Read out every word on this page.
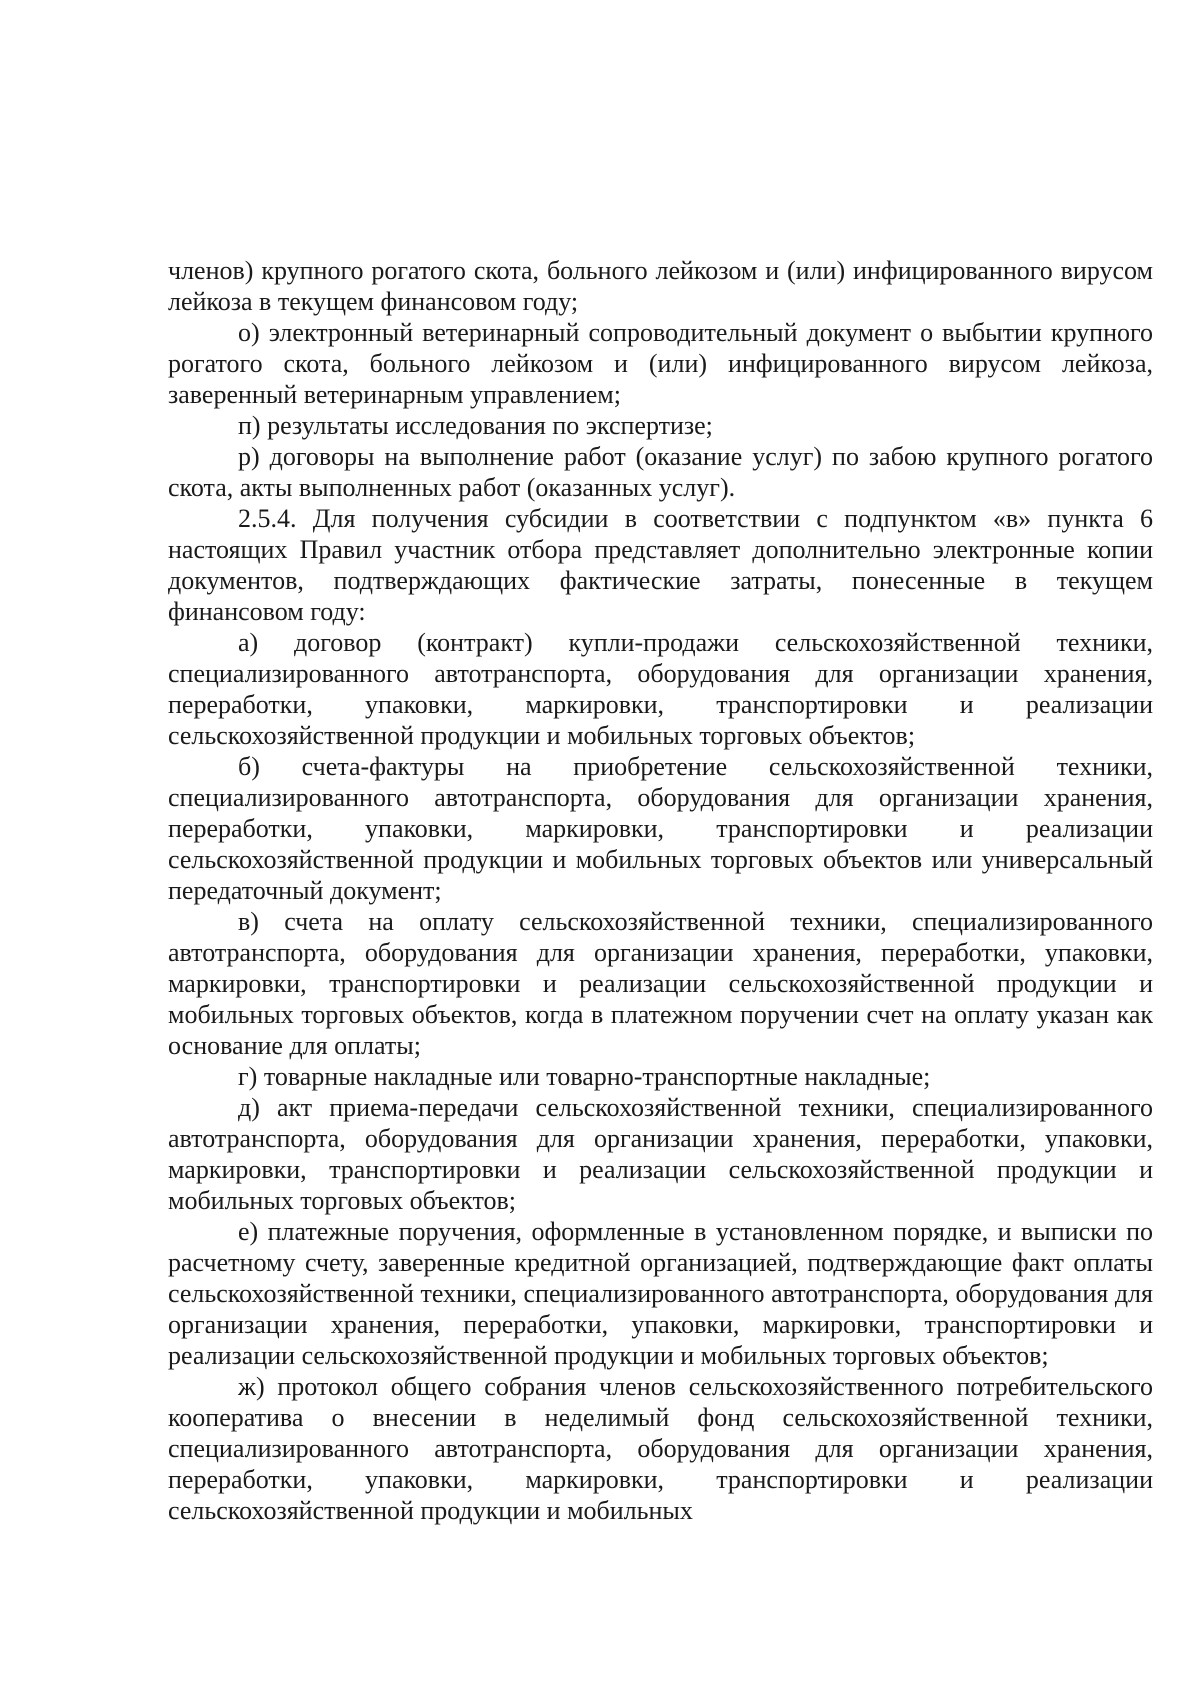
членов) крупного рогатого скота, больного лейкозом и (или) инфицированного вирусом лейкоза в текущем финансовом году;

о) электронный ветеринарный сопроводительный документ о выбытии крупного рогатого скота, больного лейкозом и (или) инфицированного вирусом лейкоза, заверенный ветеринарным управлением;

п) результаты исследования по экспертизе;

р) договоры на выполнение работ (оказание услуг) по забою крупного рогатого скота, акты выполненных работ (оказанных услуг).

2.5.4. Для получения субсидии в соответствии с подпунктом «в» пункта 6 настоящих Правил участник отбора представляет дополнительно электронные копии документов, подтверждающих фактические затраты, понесенные в текущем финансовом году:

а) договор (контракт) купли-продажи сельскохозяйственной техники, специализированного автотранспорта, оборудования для организации хранения, переработки, упаковки, маркировки, транспортировки и реализации сельскохозяйственной продукции и мобильных торговых объектов;

б) счета-фактуры на приобретение сельскохозяйственной техники, специализированного автотранспорта, оборудования для организации хранения, переработки, упаковки, маркировки, транспортировки и реализации сельскохозяйственной продукции и мобильных торговых объектов или универсальный передаточный документ;

в) счета на оплату сельскохозяйственной техники, специализированного автотранспорта, оборудования для организации хранения, переработки, упаковки, маркировки, транспортировки и реализации сельскохозяйственной продукции и мобильных торговых объектов, когда в платежном поручении счет на оплату указан как основание для оплаты;

г) товарные накладные или товарно-транспортные накладные;

д) акт приема-передачи сельскохозяйственной техники, специализированного автотранспорта, оборудования для организации хранения, переработки, упаковки, маркировки, транспортировки и реализации сельскохозяйственной продукции и мобильных торговых объектов;

е) платежные поручения, оформленные в установленном порядке, и выписки по расчетному счету, заверенные кредитной организацией, подтверждающие факт оплаты сельскохозяйственной техники, специализированного автотранспорта, оборудования для организации хранения, переработки, упаковки, маркировки, транспортировки и реализации сельскохозяйственной продукции и мобильных торговых объектов;

ж) протокол общего собрания членов сельскохозяйственного потребительского кооператива о внесении в неделимый фонд сельскохозяйственной техники, специализированного автотранспорта, оборудования для организации хранения, переработки, упаковки, маркировки, транспортировки и реализации сельскохозяйственной продукции и мобильных
